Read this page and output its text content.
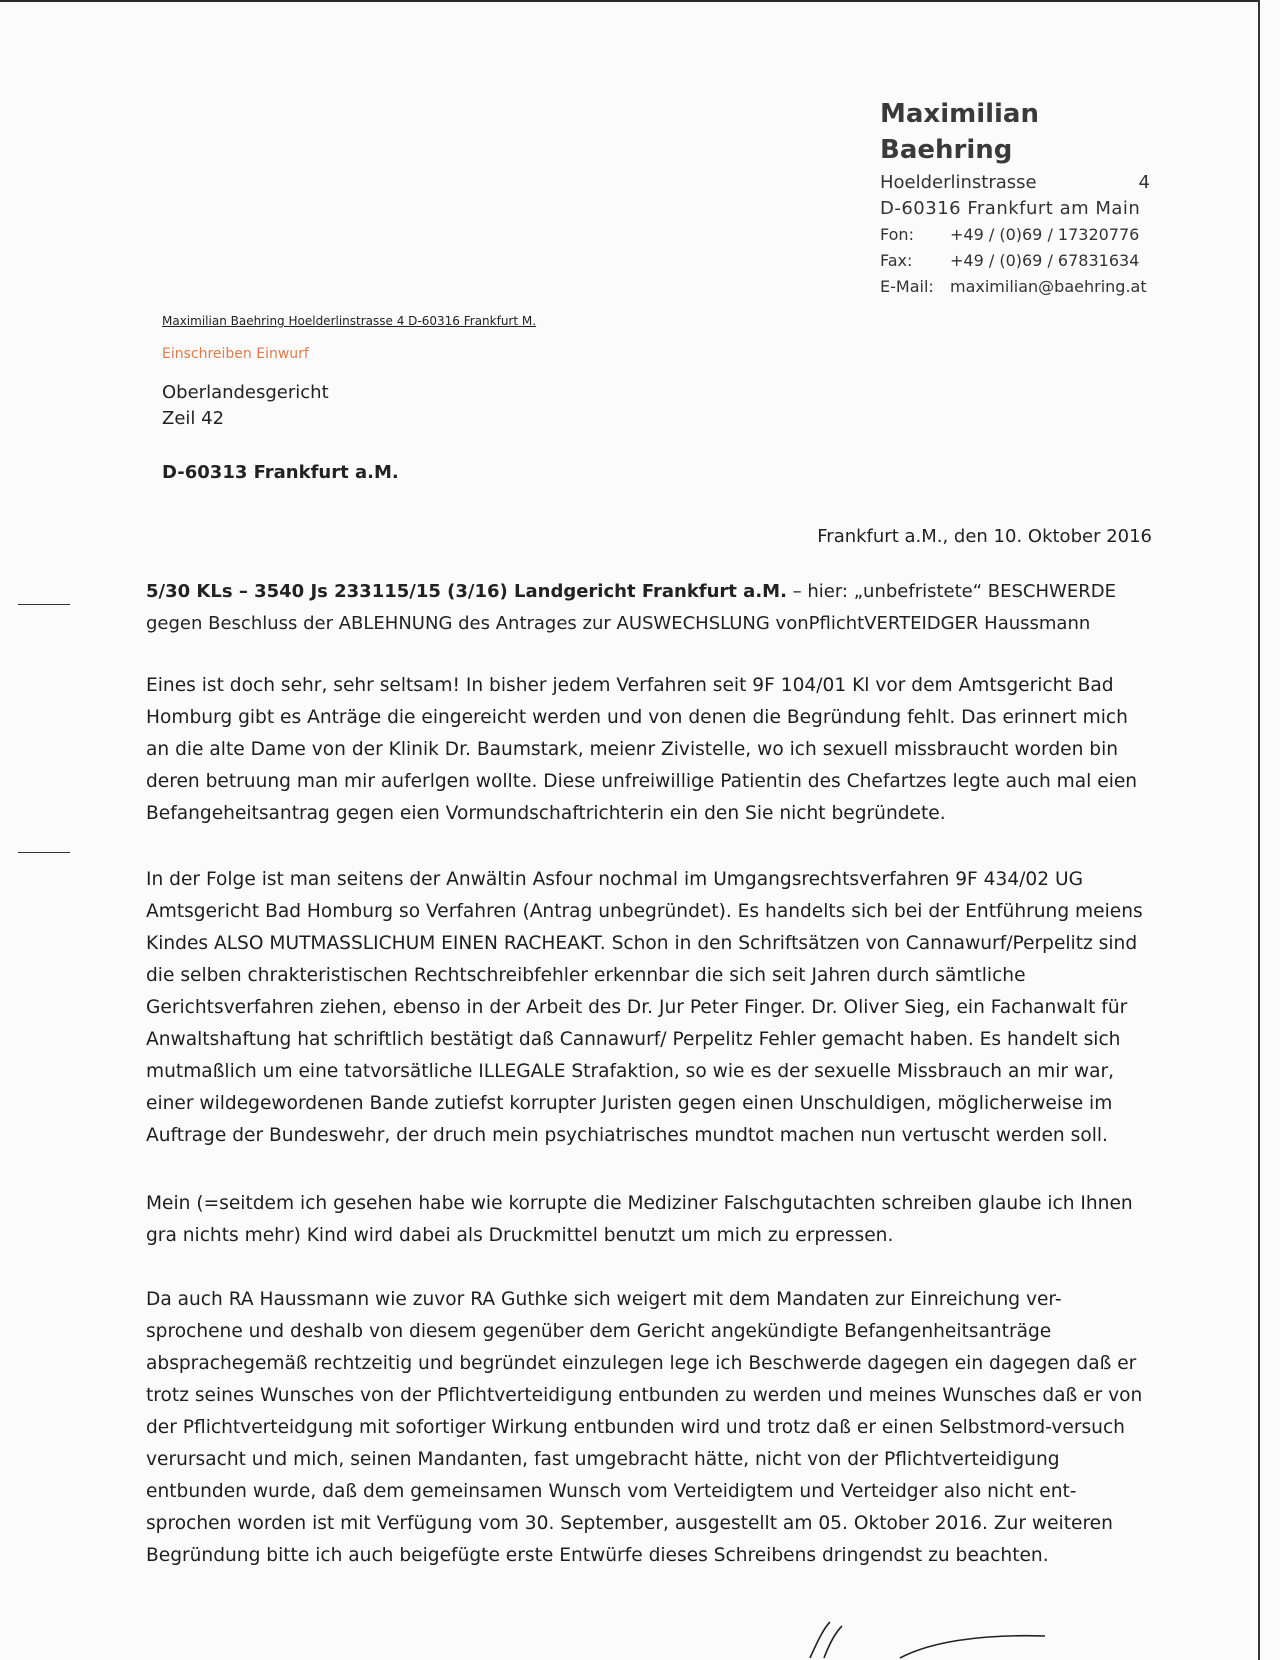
Maximilian Baehring
Hoelderlinstrasse	4
D-60316 Frankfurt am Main
Fon:	+49 / (0)69 / 17320776
Fax:	+49 / (0)69 / 67831634
E-Mail:	maximilian@baehring.at
Maximilian Baehring Hoelderlinstrasse 4 D-60316 Frankfurt M.
Einschreiben Einwurf
Oberlandesgericht
Zeil 42
D-60313 Frankfurt a.M.
Frankfurt a.M., den 10. Oktober 2016
5/30 KLs – 3540 Js 233115/15 (3/16) Landgericht Frankfurt a.M. – hier: „unbefristete“ BESCHWERDE
gegen Beschluss der ABLEHNUNG des Antrages zur AUSWECHSLUNG vonPflichtVERTEIDGER Haussmann

Eines ist doch sehr, sehr seltsam! In bisher jedem Verfahren seit 9F 104/01 Kl vor dem Amtsgericht Bad Homburg gibt es Anträge die eingereicht werden und von denen die Begründung fehlt. Das erinnert mich an die alte Dame von der Klinik Dr. Baumstark, meienr Zivistelle, wo ich sexuell missbraucht worden bin deren betruung man mir auferlgen wollte. Diese unfreiwillige Patientin des Chefartzes legte auch mal eien Befangeheitsantrag gegen eien Vormundschaftrichterin ein den Sie nicht begründete.

In der Folge ist man seitens der Anwältin Asfour nochmal im Umgangsrechtsverfahren 9F 434/02 UG Amtsgericht Bad Homburg so Verfahren (Antrag unbegründet). Es handelts sich bei der Entführung meiens Kindes ALSO MUTMASSLICHUM EINEN RACHEAKT. Schon in den Schriftsätzen von Cannawurf/Perpelitz sind die selben chrakteristischen Rechtschreibfehler erkennbar die sich seit Jahren durch sämtliche Gerichtsverfahren ziehen, ebenso in der Arbeit des Dr. Jur Peter Finger. Dr. Oliver Sieg, ein Fachanwalt für Anwaltshaftung hat schriftlich bestätigt daß Cannawurf/ Perpelitz Fehler gemacht haben. Es handelt sich mutmaßlich um eine tatvorsätliche ILLEGALE Strafaktion, so wie es der sexuelle Missbrauch an mir war, einer wildegewordenen Bande zutiefst korrupter Juristen gegen einen Unschuldigen, möglicherweise im Auftrage der Bundeswehr, der druch mein psychiatrisches mundtot machen nun vertuscht werden soll.

Mein (=seitdem ich gesehen habe wie korrupte die Mediziner Falschgutachten schreiben glaube ich Ihnen gra nichts mehr) Kind wird dabei als Druckmittel benutzt um mich zu erpressen.

Da auch RA Haussmann wie zuvor RA Guthke sich weigert mit dem Mandaten zur Einreichung ver-sprochene und deshalb von diesem gegenüber dem Gericht angekündigte Befangenheitsanträge absprachegemäß rechtzeitig und begründet einzulegen lege ich Beschwerde dagegen ein dagegen daß er trotz seines Wunsches von der Pflichtverteidigung entbunden zu werden und meines Wunsches daß er von der Pflichtverteidgung mit sofortiger Wirkung entbunden wird und trotz daß er einen Selbstmord-versuch verursacht und mich, seinen Mandanten, fast umgebracht hätte, nicht von der Pflichtverteidigung entbunden wurde, daß dem gemeinsamen Wunsch vom Verteidigtem und Verteidger also nicht ent-sprochen worden ist mit Verfügung vom 30. September, ausgestellt am 05. Oktober 2016. Zur weiteren Begründung bitte ich auch beigefügte erste Entwürfe dieses Schreibens dringendst zu beachten.
